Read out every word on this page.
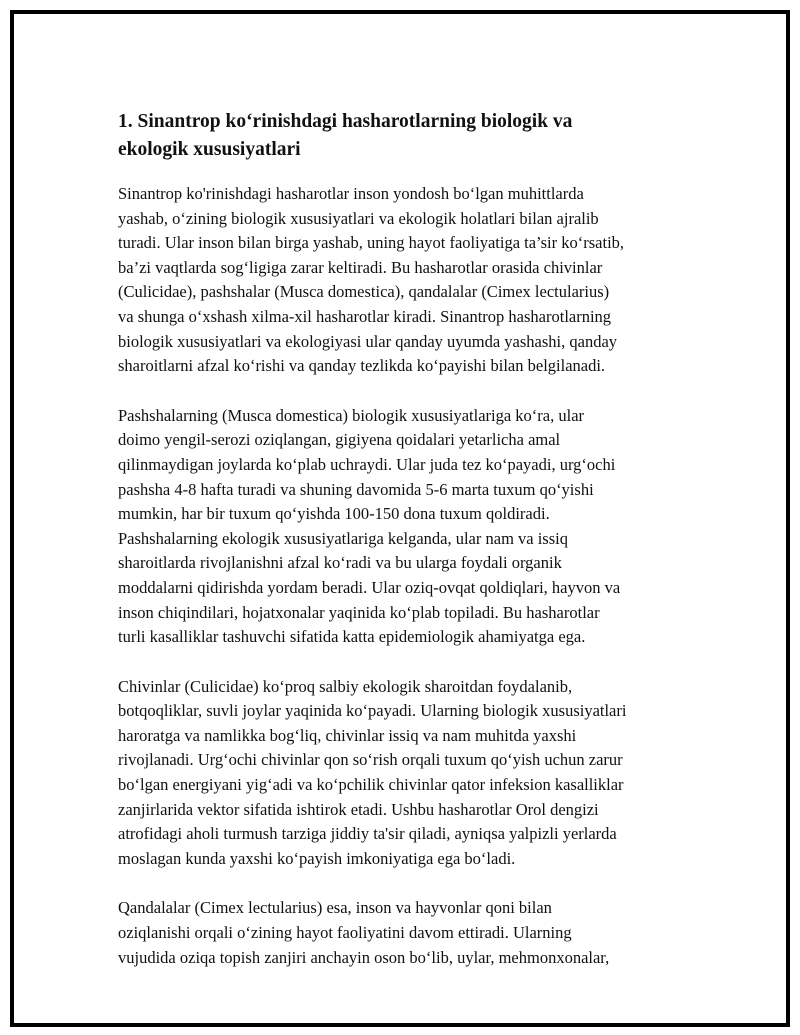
1. Sinantrop ko‘rinishdagi hasharotlarning biologik va
ekologik xususiyatlari
Sinantrop ko'rinishdagi hasharotlar inson yondosh bo‘lgan muhittlarda
yashab, o‘zining biologik xususiyatlari va ekologik holatlari bilan ajralib
turadi. Ular inson bilan birga yashab, uning hayot faoliyatiga ta’sir ko‘rsatib,
ba’zi vaqtlarda sog‘ligiga zarar keltiradi. Bu hasharotlar orasida chivinlar
(Culicidae), pashshalar (Musca domestica), qandalalar (Cimex lectularius)
va shunga o‘xshash xilma-xil hasharotlar kiradi. Sinantrop hasharotlarning
biologik xususiyatlari va ekologiyasi ular qanday uyumda yashashi, qanday
sharoitlarni afzal ko‘rishi va qanday tezlikda ko‘payishi bilan belgilanadi.
Pashshalarning (Musca domestica) biologik xususiyatlariga ko‘ra, ular
doimo yengil-serozi oziqlangan, gigiyena qoidalari yetarlicha amal
qilinmaydigan joylarda ko‘plab uchraydi. Ular juda tez ko‘payadi, urg‘ochi
pashsha 4-8 hafta turadi va shuning davomida 5-6 marta tuxum qo‘yishi
mumkin, har bir tuxum qo‘yishda 100-150 dona tuxum qoldiradi.
Pashshalarning ekologik xususiyatlariga kelganda, ular nam va issiq
sharoitlarda rivojlanishni afzal ko‘radi va bu ularga foydali organik
moddalarni qidirishda yordam beradi. Ular oziq-ovqat qoldiqlari, hayvon va
inson chiqindilari, hojatxonalar yaqinida ko‘plab topiladi. Bu hasharotlar
turli kasalliklar tashuvchi sifatida katta epidemiologik ahamiyatga ega.
Chivinlar (Culicidae) ko‘proq salbiy ekologik sharoitdan foydalanib,
botqoqliklar, suvli joylar yaqinida ko‘payadi. Ularning biologik xususiyatlari
haroratga va namlikka bog‘liq, chivinlar issiq va nam muhitda yaxshi
rivojlanadi. Urg‘ochi chivinlar qon so‘rish orqali tuxum qo‘yish uchun zarur
bo‘lgan energiyani yig‘adi va ko‘pchilik chivinlar qator infeksion kasalliklar
zanjirlarida vektor sifatida ishtirok etadi. Ushbu hasharotlar Orol dengizi
atrofidagi aholi turmush tarziga jiddiy ta'sir qiladi, ayniqsa yalpizli yerlarda
moslagan kunda yaxshi ko‘payish imkoniyatiga ega bo‘ladi.
Qandalalar (Cimex lectularius) esa, inson va hayvonlar qoni bilan
oziqlanishi orqali o‘zining hayot faoliyatini davom ettiradi. Ularning
vujudida oziqa topish zanjiri anchayin oson bo‘lib, uylar, mehmonxonalar,
